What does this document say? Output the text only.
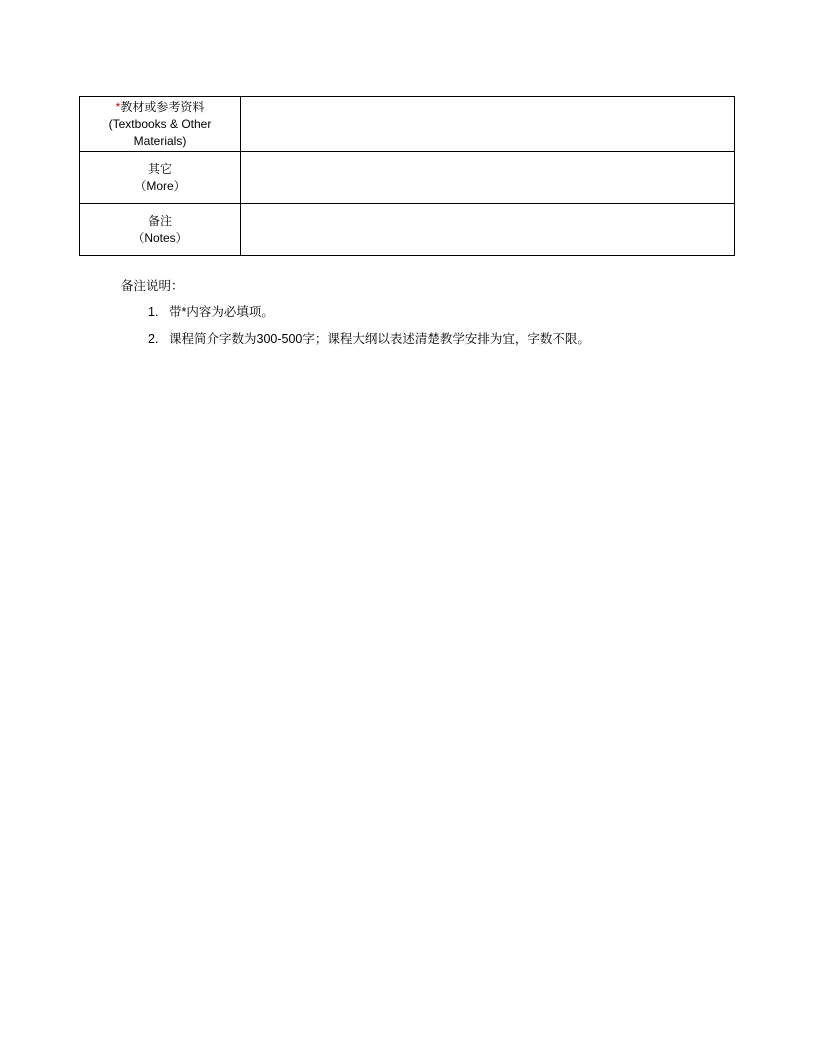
*教材或参考资料
(Textbooks & Other
Materials)	

其它
（More）	

备注
（Notes）	

备注说明：
1. 带*内容为必填项。
2. 课程简介字数为300-500字；课程大纲以表述清楚教学安排为宜，字数不限。
